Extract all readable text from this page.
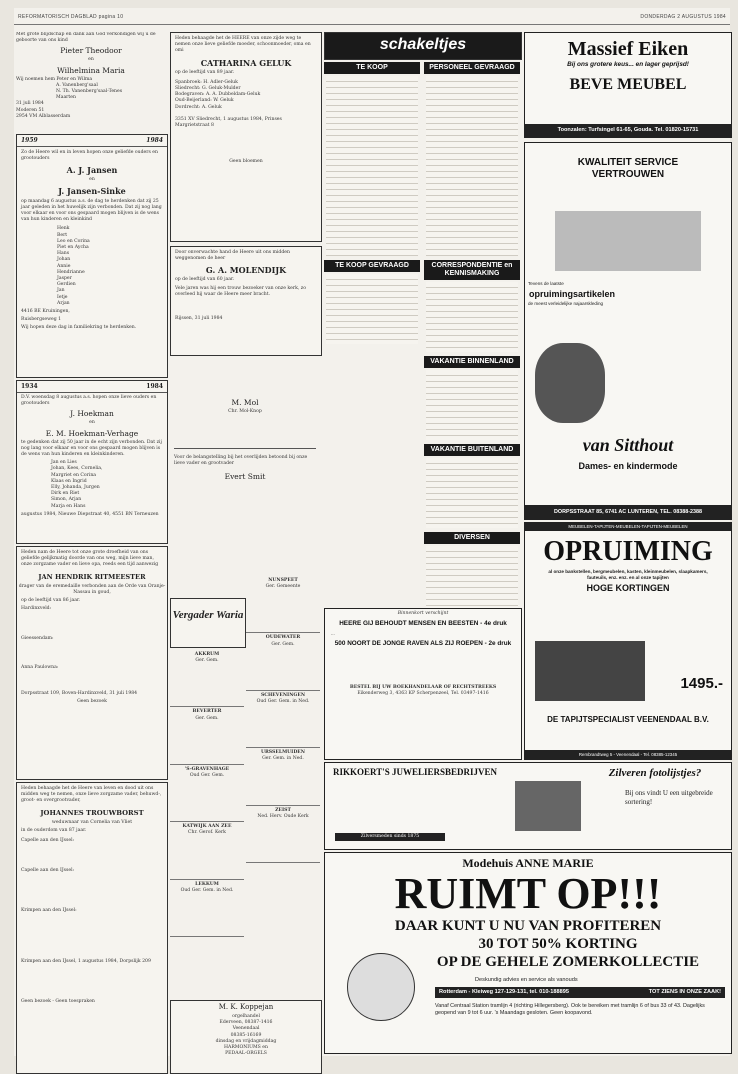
REFORMATORISCH DAGBLAD pagina 10	DONDERDAG 2 AUGUSTUS 1984

Met grote blijdschap en dank aan God verkondigen wij u de geboorte van ons kind

Pieter Theodoor

en

Wilhelmina Maria

Wij noemen hem Peter en Wilma

A. Vanenberg'saal

N. Th. Vanenberg'saal-Tenes

Maarten

31 juli 1984

Moderen 51

2954 VM Alblasserdam

1959	1984

Zo de Heere wil en in leven hopen onze geliefde ouders en grootouders

A. J. Jansen

en

J. Jansen-Sinke

op maandag 6 augustus a.s. de dag te herdenken dat zij 25 jaar geleden in het huwelijk zijn verbonden. Dat zij nog lang voor elkaar en voor ons gespaard mogen blijven is de wens van hun kinderen en kleinkind

Henk

Bert

Leo en Corina

Piet en Aycha

Hans

Johan

Annie

Hendrianne

Jasper

Gerdien

Jan

Ietje

Arjan

4416 BE Kruiningen,

Ruisbergseweg 1

Wij hopen deze dag in familiekring te herdenken.

1934	1984

D.V. woensdag 8 augustus a.s. hopen onze lieve ouders en grootouders

J. Hoekman

en

E. M. Hoekman-Verhage

te gedenken dat zij 50 jaar in de echt zijn verbonden. Dat zij nog lang voor elkaar en voor ons gespaard mogen blijven is de wens van hun kinderen en kleinkinderen.

Jan en Lies

Johan, Kees, Cornelia,

Margriet en Corina

Klaas en Ingrid

Elly, Johanda, Jurgen

Dirk en Riet

Simon, Arjan

Marja en Hans

augustus 1984, Nieuwe Diepstraat 40, 4551 BN Terneuzen

Heden nam de Heere tot onze grote droefheid van ons geliefde gelijkmatig doorde van ons weg, mijn lieve man, onze zorgzame vader en lieve opa, reeds een tijd aanwezig

JAN HENDRIK RITMEESTER

drager van de eremedaille verbonden aan de Orde van Oranje-Nassau in goud,

op de leeftijd van 86 jaar.

Hardinxveld:

Gieessendam:

Anna Paulowna:

Dorpsstraat 109, Boven-Hardinxveld, 31 juli 1984

Geen bezoek

Heden behaagde het de Heere van leven en dood uit ons midden weg te nemen, onze lieve zorgzame vader, behuwd-, groot- en overgrootvader,

JOHANNES TROUWBORST

weduwnaar van Cornelia van Vliet

in de ouderdom van 87 jaar.

Capelle aan den IJssel:

Capelle aan den IJssel:

Krimpen aan den IJssel:

Krimpen aan den IJssel, 1 augustus 1984, Dorpslijk 209

Geen bezoek - Geen toespraken

Heden behaagde het de HEERE van onze zijde weg te nemen onze lieve geliefde moeder, schoonmoeder, oma en omi

CATHARINA GELUK

op de leeftijd van 89 jaar.

Spanbroek: H. Adler-Geluk

Sliedrecht: G. Geluk-Mulder

Bodegraven: A. A. Dubbeldam-Geluk

Oud-Beijerland: W. Geluk

Dordrecht: A. Geluk

3351 XV Sliedrecht, 1 augustus 1984, Prinses Margrietstraat 8

Geen bloemen

Door onverwachte hand de Heere uit ons midden weggenomen de heer

G. A. MOLENDIJK

op de leeftijd van 60 jaar.

Vele jaren was hij een trouw bezoeker van onze kerk, zo overleed hij waar de Heere meer bracht.

Rijssen, 31 juli 1984

M. Mol

Chr. Mol-Knop

Voor de belangstelling bij het overlijden betoond bij onze lieve vader en grootvader

Evert Smit

Vergader Waria

AKKRUM

Ger. Gem.

BEVERTER

Ger. Gem.

'S-GRAVENHAGE

Oud Ger. Gem.

KATWIJK AAN ZEE

Chr. Gerof. Kerk

LEKKUM

Oud Ger. Gem. in Ned.

NUNSPEET

Ger. Gemeente

OUDEWATER

Ger. Gem.

SCHEVENINGEN

Oud Ger. Gem. in Ned.

URSSELMUIDEN

Ger. Gem. in Ned.

ZEIST

Ned. Herv. Oude Kerk

M. K. Koppejan

orgelhandel

Ederveen, 08387-1416

Veenendaal

08385-16169

dinsdag en vrijdagmiddag

HARMONIUMS en

PEDAAL-ORGELS

schakeltjes
TE KOOP
TE KOOP GEVRAAGD
PERSONEEL GEVRAAGD
CORRESPONDENTIE en KENNISMAKING
VAKANTIE BINNENLAND
VAKANTIE BUITENLAND
DIVERSEN

Binnenkort verschijnt

HEERE GIJ BEHOUDT MENSEN EN BEESTEN - 4e druk

...

500 NOORT DE JONGE RAVEN ALS ZIJ ROEPEN - 2e druk

BESTEL BIJ UW BOEKHANDELAAR OF RECHTSTREEKS

Eikenderweg 3, 4363 KP Scherpenzeel, Tel. 03497-1416

Massief Eiken
Bij ons grotere keus... en lager geprijsd!
BEVE MEUBEL
Toonzalen: Turfsingel 61-65, Gouda. Tel. 01820-15731
KWALITEIT SERVICE VERTROUWEN

Tevens de laatste

opruimingsartikelen

de meest verleidelijke najaarskleding

van Sitthout
Dames- en kindermode
DORPSSTRAAT 85, 6741 AC LUNTEREN, TEL. 08388-2388
MEUBELEN-TAPIJTEN-MEUBELEN-TAPIJTEN-MEUBELEN
OPRUIMING

al onze bankstellen, bergmeubelen, kasten, kleinmeubelen, slaapkamers, fauteuils, enz. enz. en al onze tapijten

HOGE KORTINGEN

1495.-
DE TAPIJTSPECIALIST VEENENDAAL B.V.
Rembrandtweg 5 - Veenendaal - Tel. 08385-12345
RIKKOERT'S JUWELIERSBEDRIJVEN	Zilveren fotolijstjes?
Bij ons vindt U een uitgebreide sortering!
Zilversmeden sinds 1875
Modehuis ANNE MARIE
RUIMT OP!!!
DAAR KUNT U NU VAN PROFITEREN
30 TOT 50% KORTING
OP DE GEHELE ZOMERKOLLECTIE
Deskundig advies en service als vanouds
Rotterdam - Kleiweg 127-129-131, tel. 010-188895	TOT ZIENS IN ONZE ZAAK!
Vanaf Centraal Station tramlijn 4 (richting Hillegersberg). Ook te bereiken met tramlijn 6 of bus 33 of 43. Dagelijks geopend van 9 tot 6 uur. 's Maandags gesloten. Geen koopavond.
